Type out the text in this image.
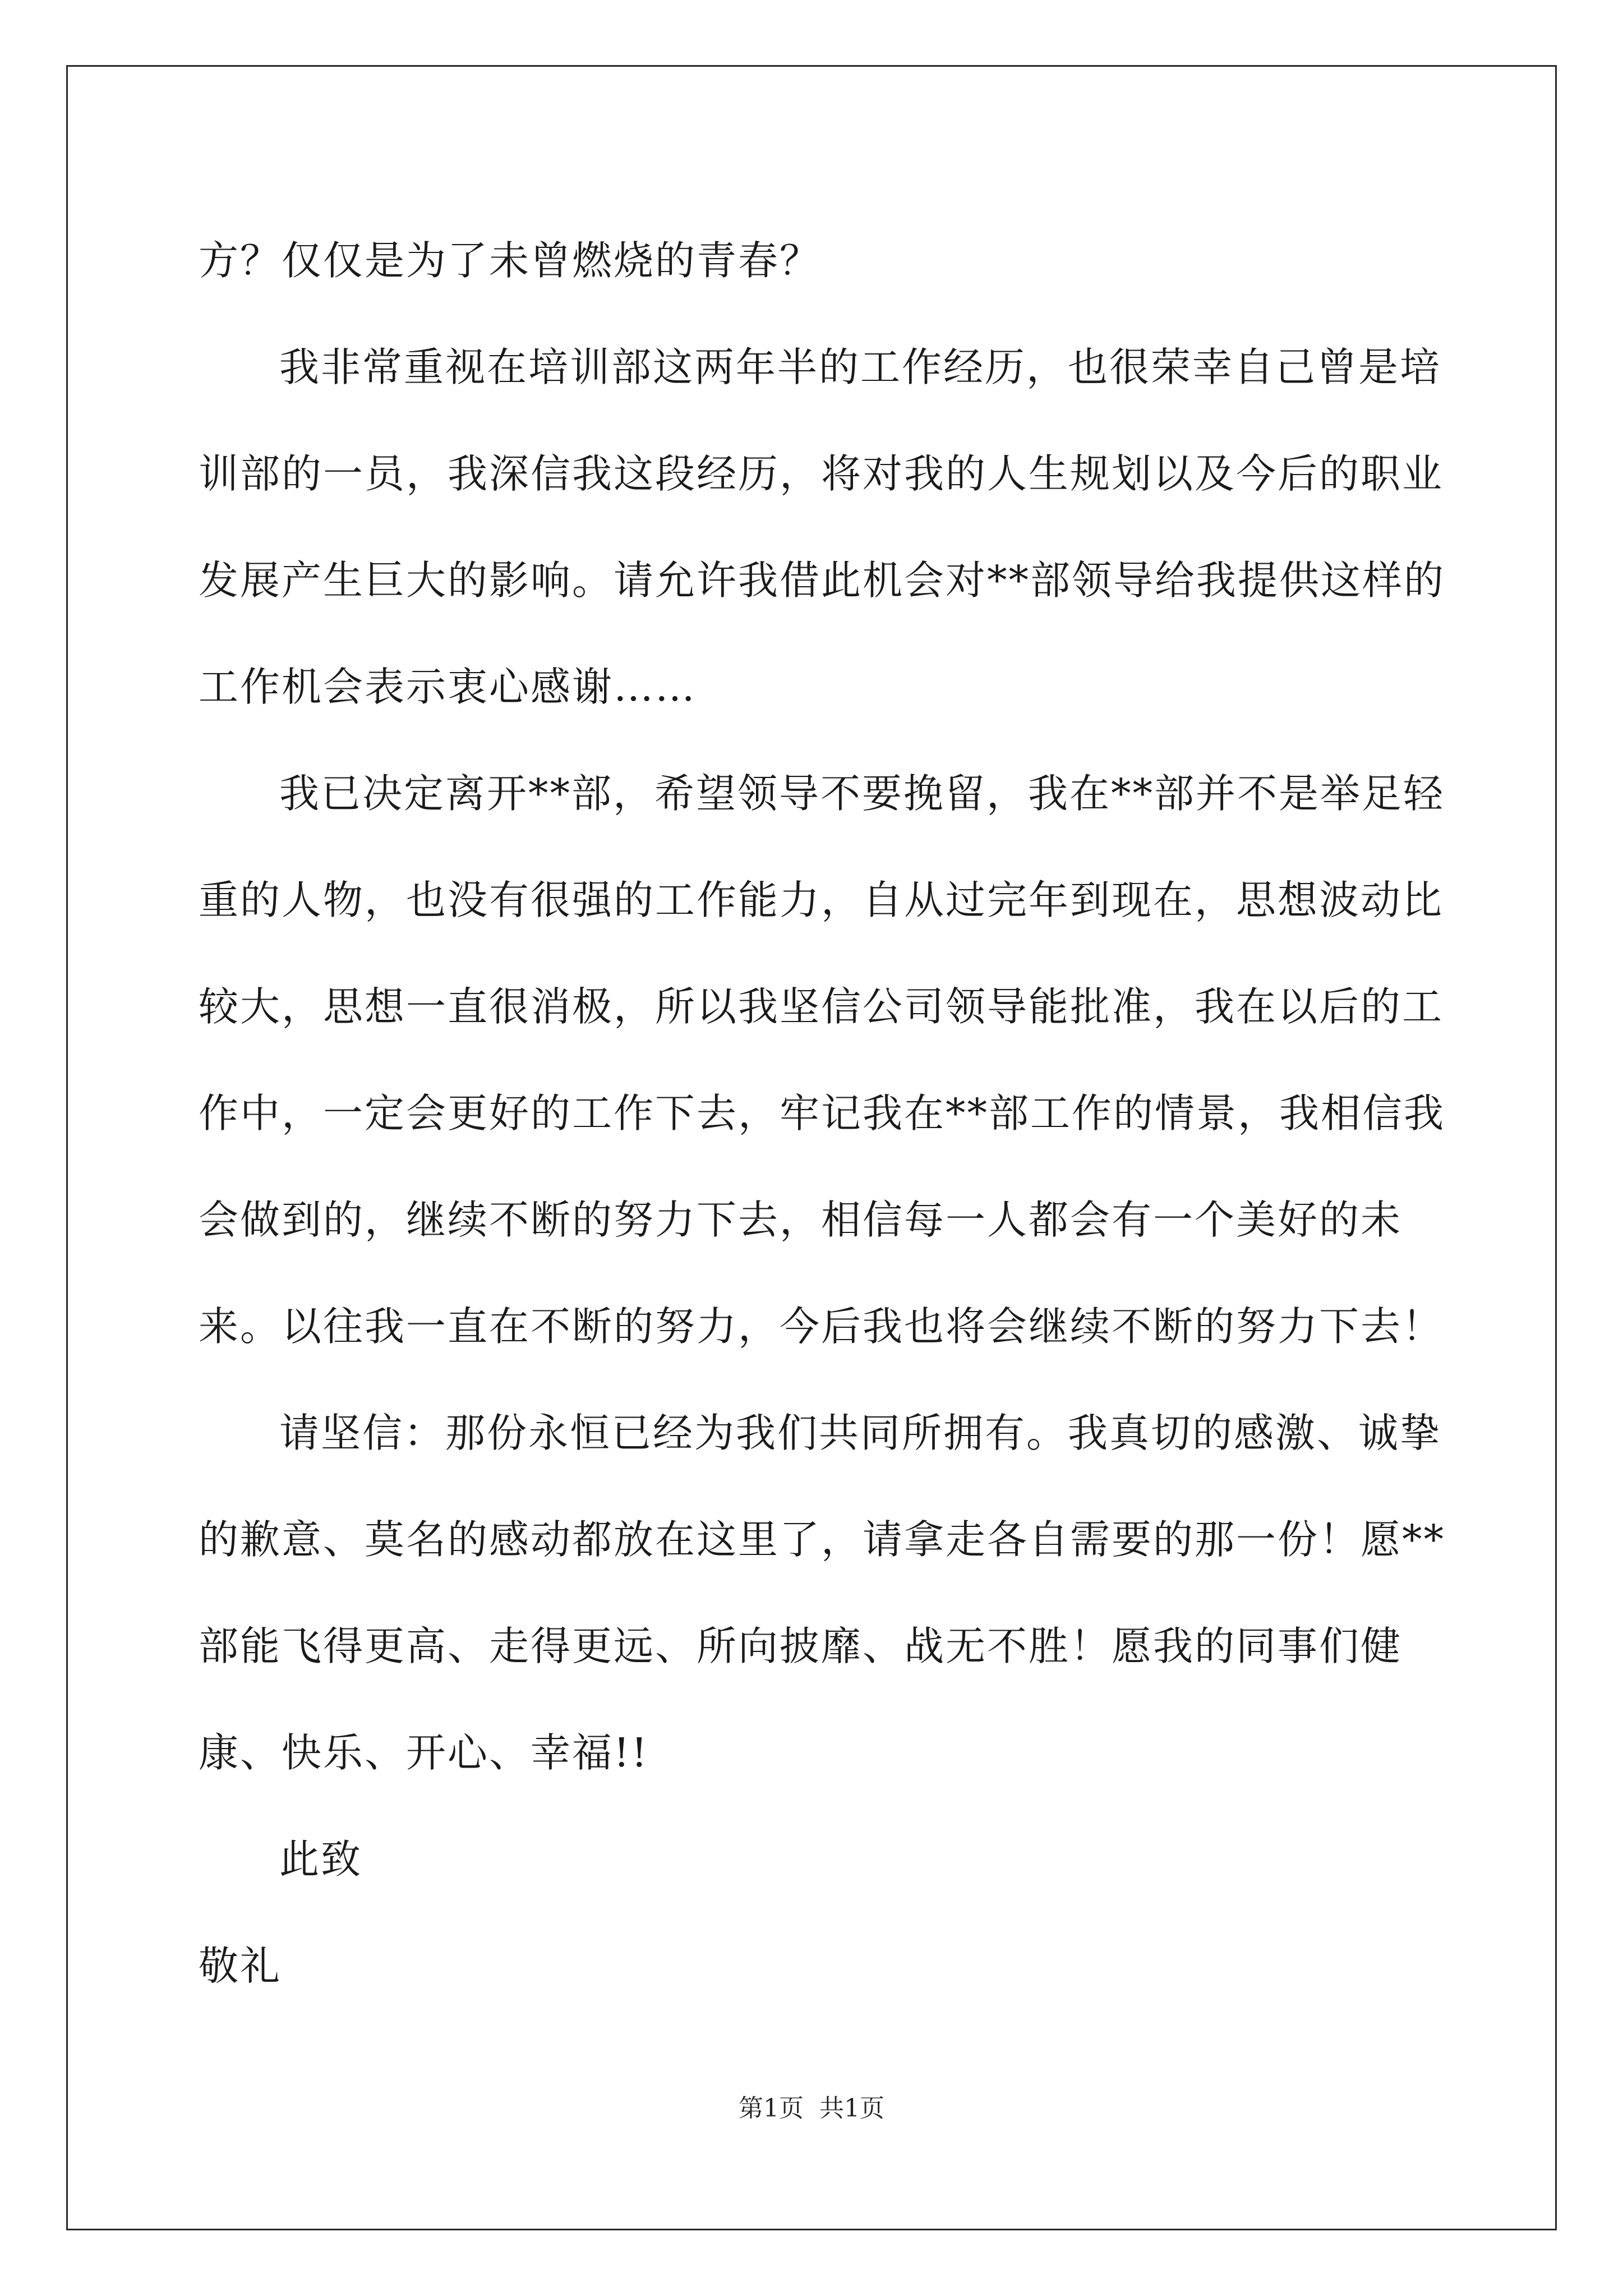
方？仅仅是为了未曾燃烧的青春？

我非常重视在培训部这两年半的工作经历，也很荣幸自己曾是培训部的一员，我深信我这段经历，将对我的人生规划以及今后的职业发展产生巨大的影响。请允许我借此机会对**部领导给我提供这样的工作机会表示衷心感谢……

我已决定离开**部，希望领导不要挽留，我在**部并不是举足轻重的人物，也没有很强的工作能力，自从过完年到现在，思想波动比较大，思想一直很消极，所以我坚信公司领导能批准，我在以后的工作中，一定会更好的工作下去，牢记我在**部工作的情景，我相信我会做到的，继续不断的努力下去，相信每一人都会有一个美好的未来。以往我一直在不断的努力，今后我也将会继续不断的努力下去！

请坚信：那份永恒已经为我们共同所拥有。我真切的感激、诚挚的歉意、莫名的感动都放在这里了，请拿走各自需要的那一份！愿**部能飞得更高、走得更远、所向披靡、战无不胜！愿我的同事们健康、快乐、开心、幸福!!

此致

敬礼

第1页 共1页
